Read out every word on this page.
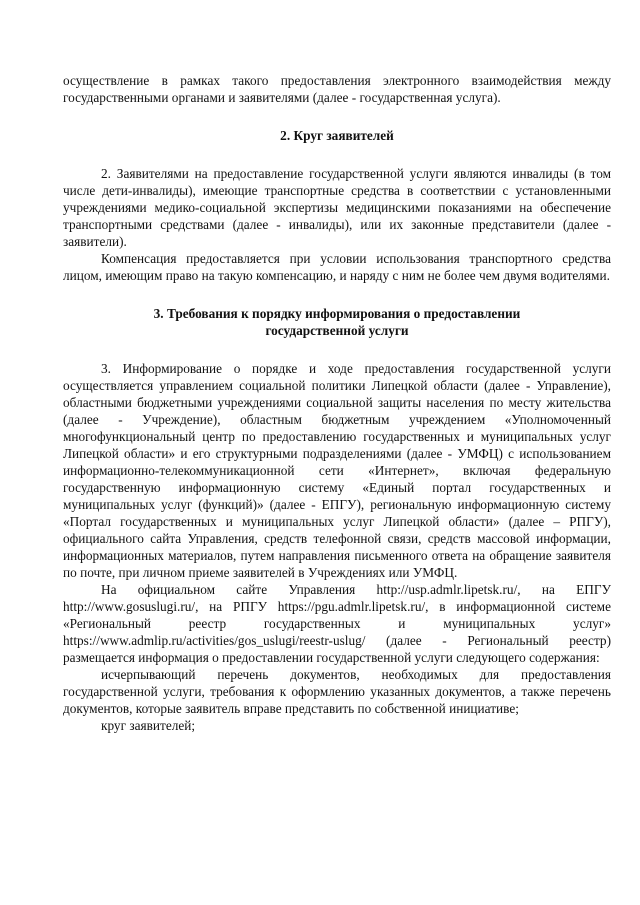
осуществление в рамках такого предоставления электронного взаимодействия между государственными органами и заявителями (далее - государственная услуга).

2. Круг заявителей

2. Заявителями на предоставление государственной услуги являются инвалиды (в том числе дети-инвалиды), имеющие транспортные средства в соответствии с установленными учреждениями медико-социальной экспертизы медицинскими показаниями на обеспечение транспортными средствами (далее - инвалиды), или их законные представители (далее - заявители).

Компенсация предоставляется при условии использования транспортного средства лицом, имеющим право на такую компенсацию, и наряду с ним не более чем двумя водителями.

3. Требования к порядку информирования о предоставлении государственной услуги

3. Информирование о порядке и ходе предоставления государственной услуги осуществляется управлением социальной политики Липецкой области (далее - Управление), областными бюджетными учреждениями социальной защиты населения по месту жительства (далее - Учреждение), областным бюджетным учреждением «Уполномоченный многофункциональный центр по предоставлению государственных и муниципальных услуг Липецкой области» и его структурными подразделениями (далее - УМФЦ) с использованием информационно-телекоммуникационной сети «Интернет», включая федеральную государственную информационную систему «Единый портал государственных и муниципальных услуг (функций)» (далее - ЕПГУ), региональную информационную систему «Портал государственных и муниципальных услуг Липецкой области» (далее – РПГУ), официального сайта Управления, средств телефонной связи, средств массовой информации, информационных материалов, путем направления письменного ответа на обращение заявителя по почте, при личном приеме заявителей в Учреждениях или УМФЦ.

На официальном сайте Управления http://usp.admlr.lipetsk.ru/, на ЕПГУ http://www.gosuslugi.ru/, на РПГУ https://pgu.admlr.lipetsk.ru/, в информационной системе «Региональный реестр государственных и муниципальных услуг» https://www.admlip.ru/activities/gos_uslugi/reestr-uslug/ (далее - Региональный реестр) размещается информация о предоставлении государственной услуги следующего содержания:

исчерпывающий перечень документов, необходимых для предоставления государственной услуги, требования к оформлению указанных документов, а также перечень документов, которые заявитель вправе представить по собственной инициативе;

круг заявителей;
